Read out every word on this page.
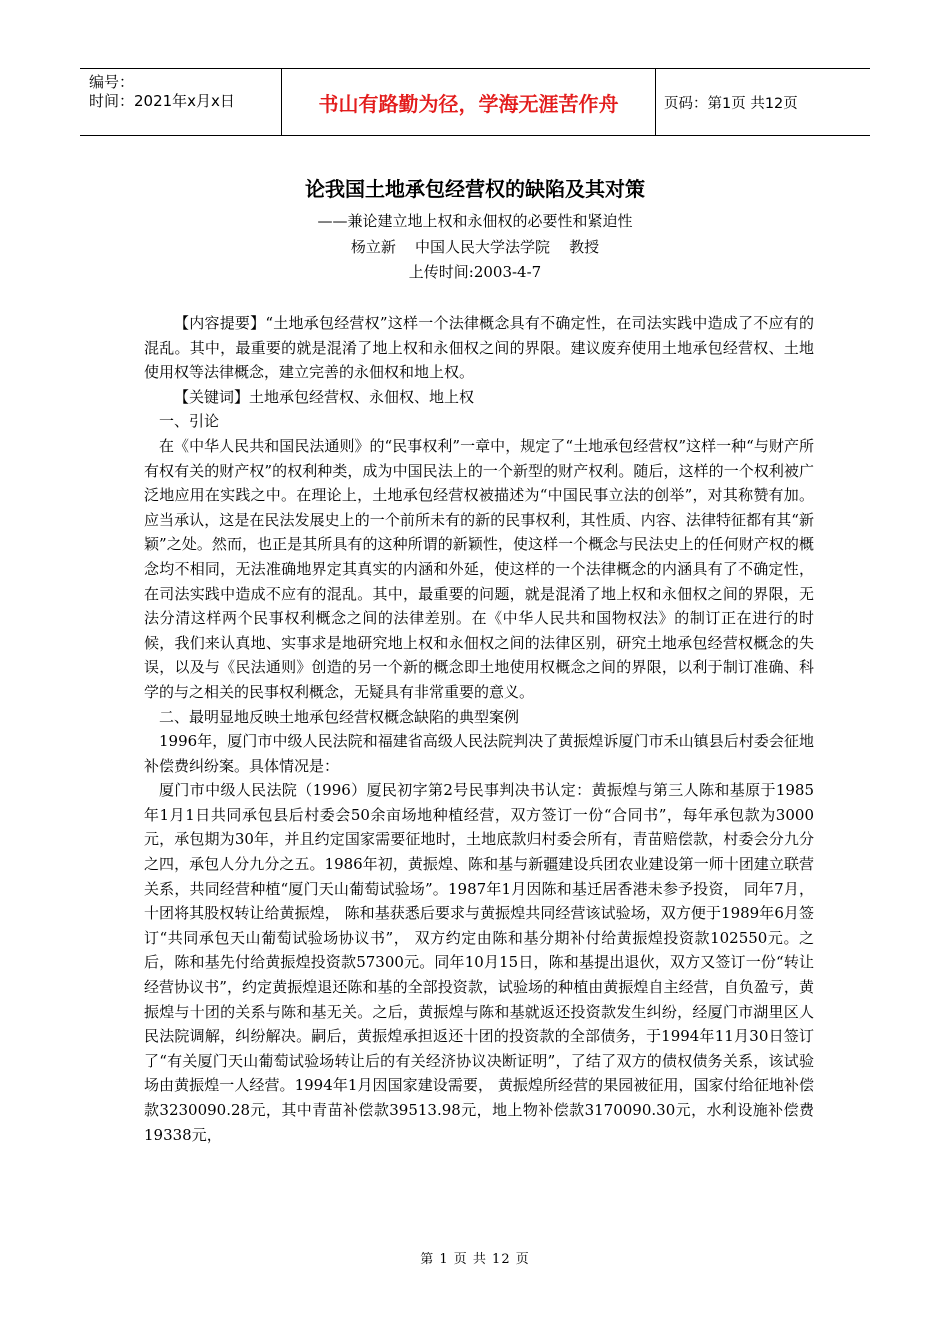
编号：
时间：2021年x月x日	书山有路勤为径，学海无涯苦作舟	页码：第1页 共12页
论我国土地承包经营权的缺陷及其对策
——兼论建立地上权和永佃权的必要性和紧迫性
杨立新    中国人民大学法学院    教授
上传时间:2003-4-7

【内容提要】“土地承包经营权”这样一个法律概念具有不确定性，在司法实践中造成了不应有的混乱。其中，最重要的就是混淆了地上权和永佃权之间的界限。建议废弃使用土地承包经营权、土地使用权等法律概念，建立完善的永佃权和地上权。

【关键词】土地承包经营权、永佃权、地上权

一、引论

在《中华人民共和国民法通则》的“民事权利”一章中，规定了“土地承包经营权”这样一种“与财产所有权有关的财产权”的权利种类，成为中国民法上的一个新型的财产权利。随后，这样的一个权利被广泛地应用在实践之中。在理论上，土地承包经营权被描述为“中国民事立法的创举”，对其称赞有加。应当承认，这是在民法发展史上的一个前所未有的新的民事权利，其性质、内容、法律特征都有其“新颖”之处。然而，也正是其所具有的这种所谓的新颖性，使这样一个概念与民法史上的任何财产权的概念均不相同，无法准确地界定其真实的内涵和外延，使这样的一个法律概念的内涵具有了不确定性，在司法实践中造成不应有的混乱。其中，最重要的问题，就是混淆了地上权和永佃权之间的界限，无法分清这样两个民事权利概念之间的法律差别。在《中华人民共和国物权法》的制订正在进行的时候，我们来认真地、实事求是地研究地上权和永佃权之间的法律区别，研究土地承包经营权概念的失误，以及与《民法通则》创造的另一个新的概念即土地使用权概念之间的界限，以利于制订准确、科学的与之相关的民事权利概念，无疑具有非常重要的意义。

二、最明显地反映土地承包经营权概念缺陷的典型案例

1996年，厦门市中级人民法院和福建省高级人民法院判决了黄振煌诉厦门市禾山镇县后村委会征地补偿费纠纷案。具体情况是：

厦门市中级人民法院（1996）厦民初字第2号民事判决书认定：黄振煌与第三人陈和基原于1985年1月1日共同承包县后村委会50余亩场地种植经营，双方签订一份“合同书”，每年承包款为3000元，承包期为30年，并且约定国家需要征地时，土地底款归村委会所有，青苗赔偿款，村委会分九分之四，承包人分九分之五。1986年初，黄振煌、陈和基与新疆建设兵团农业建设第一师十团建立联营关系，共同经营种植“厦门天山葡萄试验场”。1987年1月因陈和基迁居香港未参予投资， 同年7月，十团将其股权转让给黄振煌， 陈和基获悉后要求与黄振煌共同经营该试验场，双方便于1989年6月签订“共同承包天山葡萄试验场协议书”， 双方约定由陈和基分期补付给黄振煌投资款102550元。之后，陈和基先付给黄振煌投资款57300元。同年10月15日，陈和基提出退伙，双方又签订一份“转让经营协议书”，约定黄振煌退还陈和基的全部投资款，试验场的种植由黄振煌自主经营，自负盈亏，黄振煌与十团的关系与陈和基无关。之后，黄振煌与陈和基就返还投资款发生纠纷，经厦门市湖里区人民法院调解，纠纷解决。嗣后，黄振煌承担返还十团的投资款的全部债务，于1994年11月30日签订了“有关厦门天山葡萄试验场转让后的有关经济协议决断证明”，了结了双方的债权债务关系，该试验场由黄振煌一人经营。1994年1月因国家建设需要， 黄振煌所经营的果园被征用，国家付给征地补偿款3230090.28元，其中青苗补偿款39513.98元，地上物补偿款3170090.30元，水利设施补偿费19338元，

第 1 页 共 12 页
